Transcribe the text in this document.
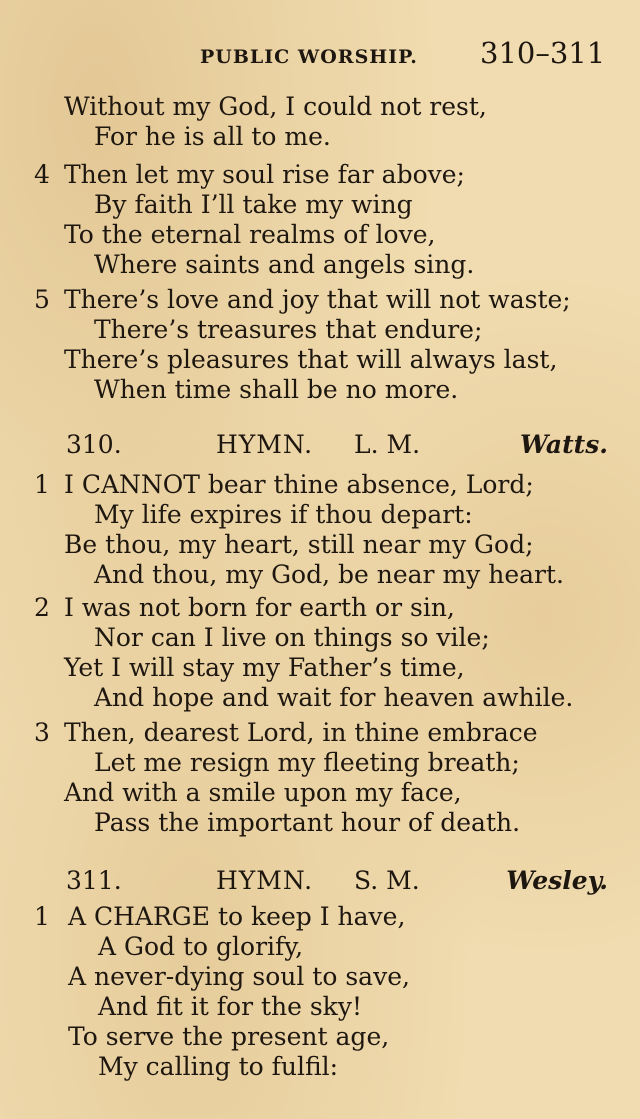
PUBLIC WORSHIP. 310–311
Without my God, I could not rest,
For he is all to me.
4 Then let my soul rise far above;
By faith I’ll take my wing
To the eternal realms of love,
Where saints and angels sing.
5 There’s love and joy that will not waste;
There’s treasures that endure;
There’s pleasures that will always last,
When time shall be no more.
310.	HYMN. L. M.	Watts.
1 I CANNOT bear thine absence, Lord;
My life expires if thou depart:
Be thou, my heart, still near my God;
And thou, my God, be near my heart.
2 I was not born for earth or sin,
Nor can I live on things so vile;
Yet I will stay my Father’s time,
And hope and wait for heaven awhile.
3 Then, dearest Lord, in thine embrace
Let me resign my fleeting breath;
And with a smile upon my face,
Pass the important hour of death.
311.	HYMN. S. M.	Wesley.
1 A CHARGE to keep I have,
A God to glorify,
A never-dying soul to save,
And fit it for the sky!
To serve the present age,
My calling to fulfil:
